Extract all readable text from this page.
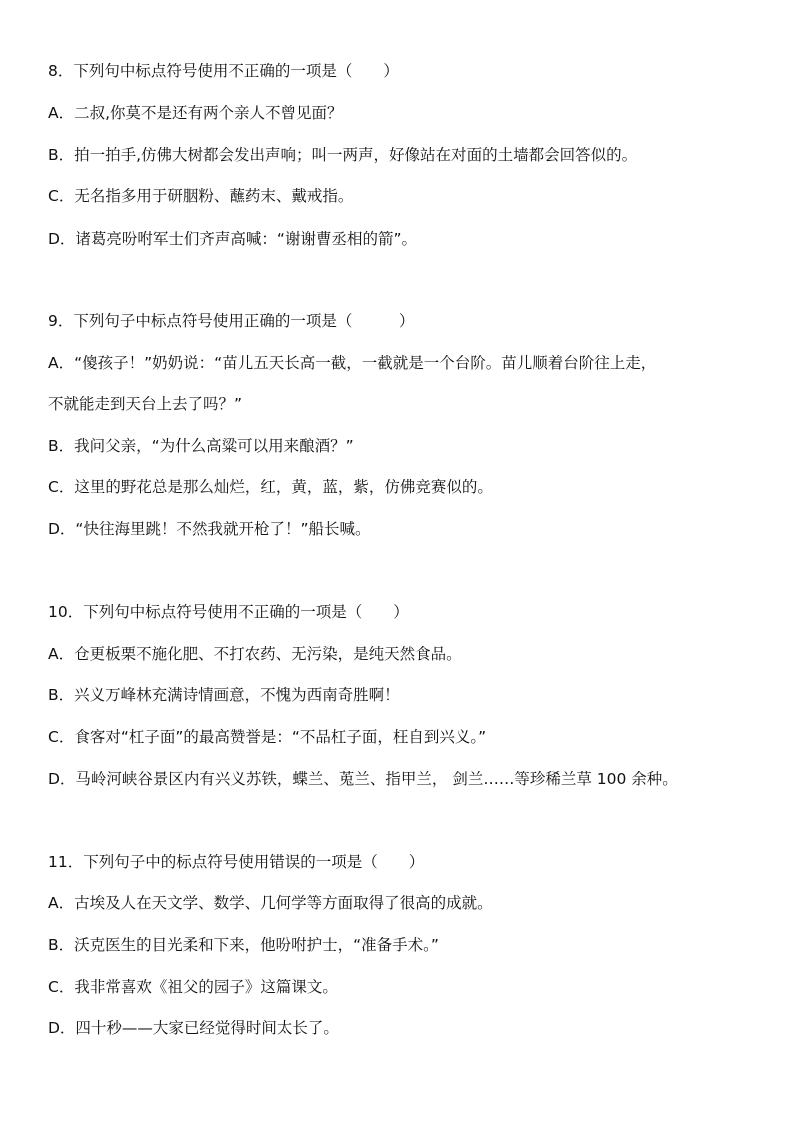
8．下列句中标点符号使用不正确的一项是（　　）
A．二叔,你莫不是还有两个亲人不曾见面？
B．拍一拍手,仿佛大树都会发出声响；叫一两声，好像站在对面的土墙都会回答似的。
C．无名指多用于研胭粉、蘸药末、戴戒指。
D．诸葛亮吩咐军士们齐声高喊：“谢谢曹丞相的箭”。
9．下列句子中标点符号使用正确的一项是（　　　）
A．“傻孩子！”奶奶说：“苗儿五天长高一截，一截就是一个台阶。苗儿顺着台阶往上走，
不就能走到天台上去了吗？”
B．我问父亲，“为什么高粱可以用来酿酒？”
C．这里的野花总是那么灿烂，红，黄，蓝，紫，仿佛竞赛似的。
D．“快往海里跳！不然我就开枪了！”船长喊。
10．下列句中标点符号使用不正确的一项是（　　）
A．仓更板栗不施化肥、不打农药、无污染，是纯天然食品。
B．兴义万峰林充满诗情画意，不愧为西南奇胜啊！
C．食客对“杠子面”的最高赞誉是：“不品杠子面，枉自到兴义。”
D．马岭河峡谷景区内有兴义苏铁，蝶兰、莵兰、指甲兰， 剑兰……等珍稀兰草 100 余种。
11．下列句子中的标点符号使用错误的一项是（　　）
A．古埃及人在天文学、数学、几何学等方面取得了很高的成就。
B．沃克医生的目光柔和下来，他吩咐护士，“准备手术。”
C．我非常喜欢《祖父的园子》这篇课文。
D．四十秒——大家已经觉得时间太长了。
